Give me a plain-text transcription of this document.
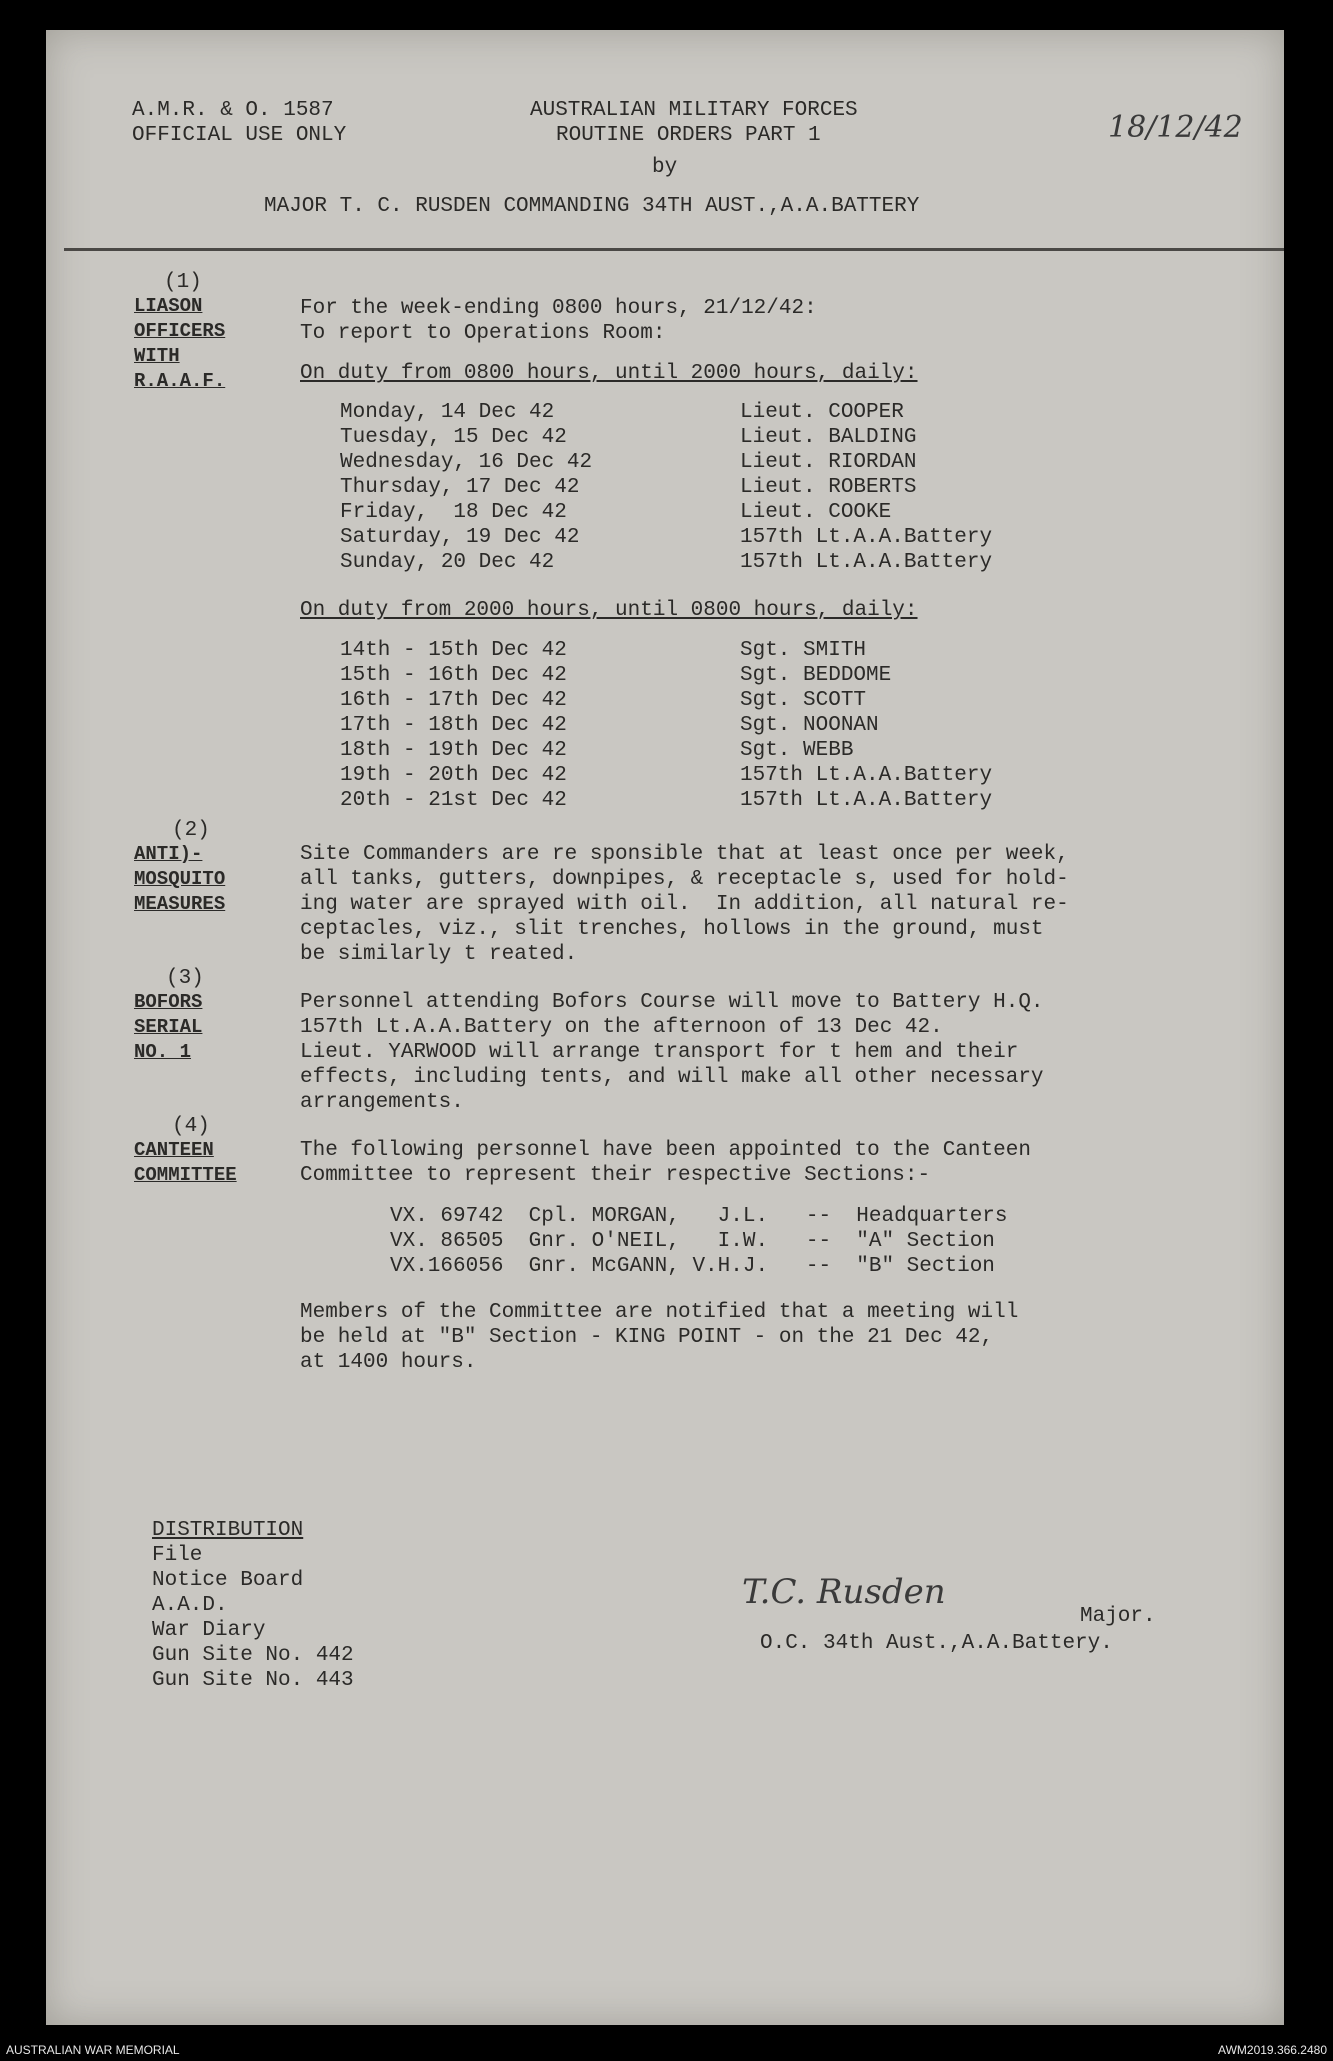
A.M.R. & O. 1587
OFFICIAL USE ONLY
AUSTRALIAN MILITARY FORCES
ROUTINE ORDERS PART 1
by
MAJOR T. C. RUSDEN COMMANDING 34TH AUST.,A.A.BATTERY
18/12/42
(1)
LIASON
OFFICERS
WITH
R.A.A.F.
For the week-ending 0800 hours, 21/12/42:
To report to Operations Room:
On duty from 0800 hours, until 2000 hours, daily:
Monday, 14 Dec 42	Lieut. COOPER
Tuesday, 15 Dec 42	Lieut. BALDING
Wednesday, 16 Dec 42	Lieut. RIORDAN
Thursday, 17 Dec 42	Lieut. ROBERTS
Friday,  18 Dec 42	Lieut. COOKE
Saturday, 19 Dec 42	157th Lt.A.A.Battery
Sunday, 20 Dec 42	157th Lt.A.A.Battery
On duty from 2000 hours, until 0800 hours, daily:
14th - 15th Dec 42	Sgt. SMITH
15th - 16th Dec 42	Sgt. BEDDOME
16th - 17th Dec 42	Sgt. SCOTT
17th - 18th Dec 42	Sgt. NOONAN
18th - 19th Dec 42	Sgt. WEBB
19th - 20th Dec 42	157th Lt.A.A.Battery
20th - 21st Dec 42	157th Lt.A.A.Battery
(2)
ANTI)-
MOSQUITO
MEASURES
Site Commanders are re sponsible that at least once per week,
all tanks, gutters, downpipes, & receptacle s, used for hold-
ing water are sprayed with oil.  In addition, all natural re-
ceptacles, viz., slit trenches, hollows in the ground, must
be similarly t reated.
(3)
BOFORS
SERIAL
NO. 1
Personnel attending Bofors Course will move to Battery H.Q.
157th Lt.A.A.Battery on the afternoon of 13 Dec 42.
Lieut. YARWOOD will arrange transport for t hem and their
effects, including tents, and will make all other necessary
arrangements.
(4)
CANTEEN
COMMITTEE
The following personnel have been appointed to the Canteen
Committee to represent their respective Sections:-
VX. 69742  Cpl. MORGAN,   J.L.   --  Headquarters
VX. 86505  Gnr. O'NEIL,   I.W.   --  "A" Section
VX.166056  Gnr. McGANN, V.H.J.   --  "B" Section
Members of the Committee are notified that a meeting will
be held at "B" Section - KING POINT - on the 21 Dec 42,
at 1400 hours.
DISTRIBUTION
File
Notice Board
A.A.D.
War Diary
Gun Site No. 442
Gun Site No. 443
T.C. Rusden
Major.
O.C. 34th Aust.,A.A.Battery.
AUSTRALIAN WAR MEMORIAL	AWM2019.366.2480
